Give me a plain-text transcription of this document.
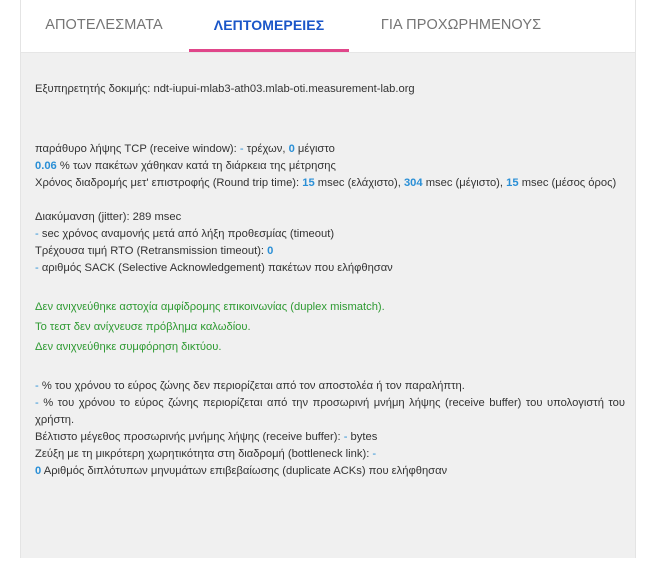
ΑΠΟΤΕΛΕΣΜΑΤΑ	ΛΕΠΤΟΜΕΡΕΙΕΣ	ΓΙΑ ΠΡΟΧΩΡΗΜΕΝΟΥΣ
Εξυπηρετητής δοκιμής: ndt-iupui-mlab3-ath03.mlab-oti.measurement-lab.org
παράθυρο λήψης TCP (receive window): - τρέχων, 0 μέγιστο
0.06 % των πακέτων χάθηκαν κατά τη διάρκεια της μέτρησης
Χρόνος διαδρομής μετ' επιστροφής (Round trip time): 15 msec (ελάχιστο), 304 msec (μέγιστο), 15 msec (μέσος όρος)
Διακύμανση (jitter): 289 msec
- sec χρόνος αναμονής μετά από λήξη προθεσμίας (timeout)
Τρέχουσα τιμή RTO (Retransmission timeout): 0
- αριθμός SACK (Selective Acknowledgement) πακέτων που ελήφθησαν
Δεν ανιχνεύθηκε αστοχία αμφίδρομης επικοινωνίας (duplex mismatch).
Το τεστ δεν ανίχνευσε πρόβλημα καλωδίου.
Δεν ανιχνεύθηκε συμφόρηση δικτύου.
- % του χρόνου το εύρος ζώνης δεν περιορίζεται από τον αποστολέα ή τον παραλήπτη.
- % του χρόνου το εύρος ζώνης περιορίζεται από την προσωρινή μνήμη λήψης (receive buffer) του υπολογιστή του χρήστη.
Βέλτιστο μέγεθος προσωρινής μνήμης λήψης (receive buffer): - bytes
Ζεύξη με τη μικρότερη χωρητικότητα στη διαδρομή (bottleneck link): -
0 Αριθμός διπλότυπων μηνυμάτων επιβεβαίωσης (duplicate ACKs) που ελήφθησαν
